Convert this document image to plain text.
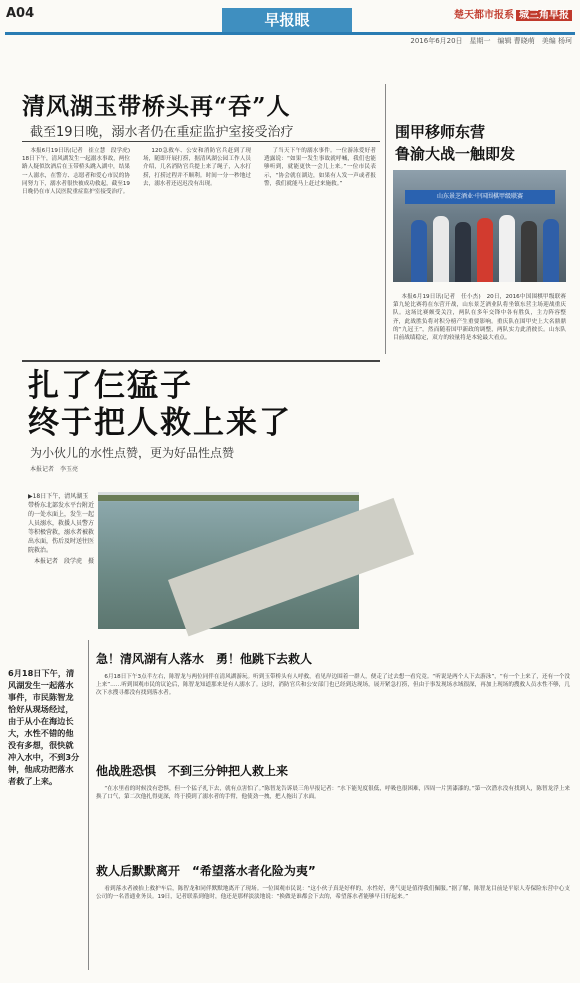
A04	早报眼	楚天都市报系 城三角早报
2016年6月20日　星期一　编辑 曹晓萌　美编 杨珂
清风湖玉带桥头再“吞”人
截至19日晚，溺水者仍在重症监护室接受治疗

本报6月19日讯(记者　崔立慧　段学虎)　18日下午，清风湖发生一起溺水事故，两位路人疑似饮酒后在玉带桥头跳入湖中，结果一人溺水，在警方、志愿者和爱心市民的协同努力下，溺水者很快被成功救起，截至19日晚仍在市人民医院重症监护室接受治疗。

120急救车、公安和消防官兵赶到了现场，随即开展打捞，据清风湖公园工作人员介绍，几名消防官兵提上来了绳子，入水打捞，打捞过程并不顺利。时间一分一秒地过去，溺水者还迟迟没有出现。

了当天下午的溺水事件。一位游泳爱好者透露说：“如果一发生事故就呼喊，我们也能够听到，就能更快一会儿上来。”一位市民表示，“协会就在湖边，如果有人发一声或者报警，我们就能马上赶过来施救。”

围甲移师东营
鲁渝大战一触即发
山东景芝酒业·中国围棋甲级联赛

本报6月19日讯(记者　任小杰)　20日，2016中国围棋甲级联赛第九轮比赛将在东营开战，山东景芝酒业队将坐镇东营主场迎战重庆队。这场比赛颇受关注，两队在多年交锋中各有胜负，主力阵容整齐，此战胜负将对积分榜产生重要影响。重庆队在围甲史上大名鼎鼎的“九冠王”，然而随着国甲新政的调整，两队实力此消彼长。山东队目前战绩稳定，双方的较量将是本轮最大看点。

扎了仨猛子
终于把人救上来了
为小伙儿的水性点赞，更为好品性点赞
本报记者　李玉亮
▶18日下午，清风湖玉带桥东北部发水平台附近的一处水面上，发生一起人员溺水，救援人员警方等积极营救，溺水者被救出水面，伤后及时送往医院救治。
本报记者　段学虎　摄
6月18日下午，清风湖发生一起落水事件，市民陈智龙恰好从现场经过，由于从小在海边长大，水性不错的他没有多想，很快就冲入水中，不到3分钟，他成功把落水者救了上来。
急！清风湖有人落水　勇！他跳下去救人

6月18日下午3点半左右，陈智龙与两位同伴在清风湖游玩。听到玉带桥头有人呼救，看见岸边围着一群人，便走了过去想一看究竟。“听说是两个人下去游泳”，“有一个上来了，还有一个没上来”……听到围观市民的议论后，陈智龙知道那来是有人溺水了。这时，消防官兵和公安部门也已经到达现场，展开紧急打捞，但由于事发现场水域很深，再加上现场的搜救人员水性不够，几次下水搜寻都没有找到落水者。

他战胜恐惧　不到三分钟把人救上来

“在水里看的时候没有恐惧，但一个猛子扎下去，就有点害怕了。”陈智龙告诉晨三角早报记者：“水下能见度很低，呼吸也很困难，四周一片黑漆漆的。”第一次潜水没有找到人，陈智龙浮上来换了口气，第二次他扎得更深，终于摸到了溺水者的手臂，他使劲一拽，把人拖出了水面。

救人后默默离开　“希望落水者化险为夷”

看到落水者被抬上救护车后，陈智龙和同伴默默地离开了现场。一位围观市民说：“这小伙子真是好样的，水性好，勇气更是值得我们佩服。”据了解，陈智龙目前是平原人寿保险东营中心支公司的一名普通业务员。19日，记者联系到他时，他还是那样淡淡地说：“换做是谁都会下去的，希望落水者能够早日好起来。”
